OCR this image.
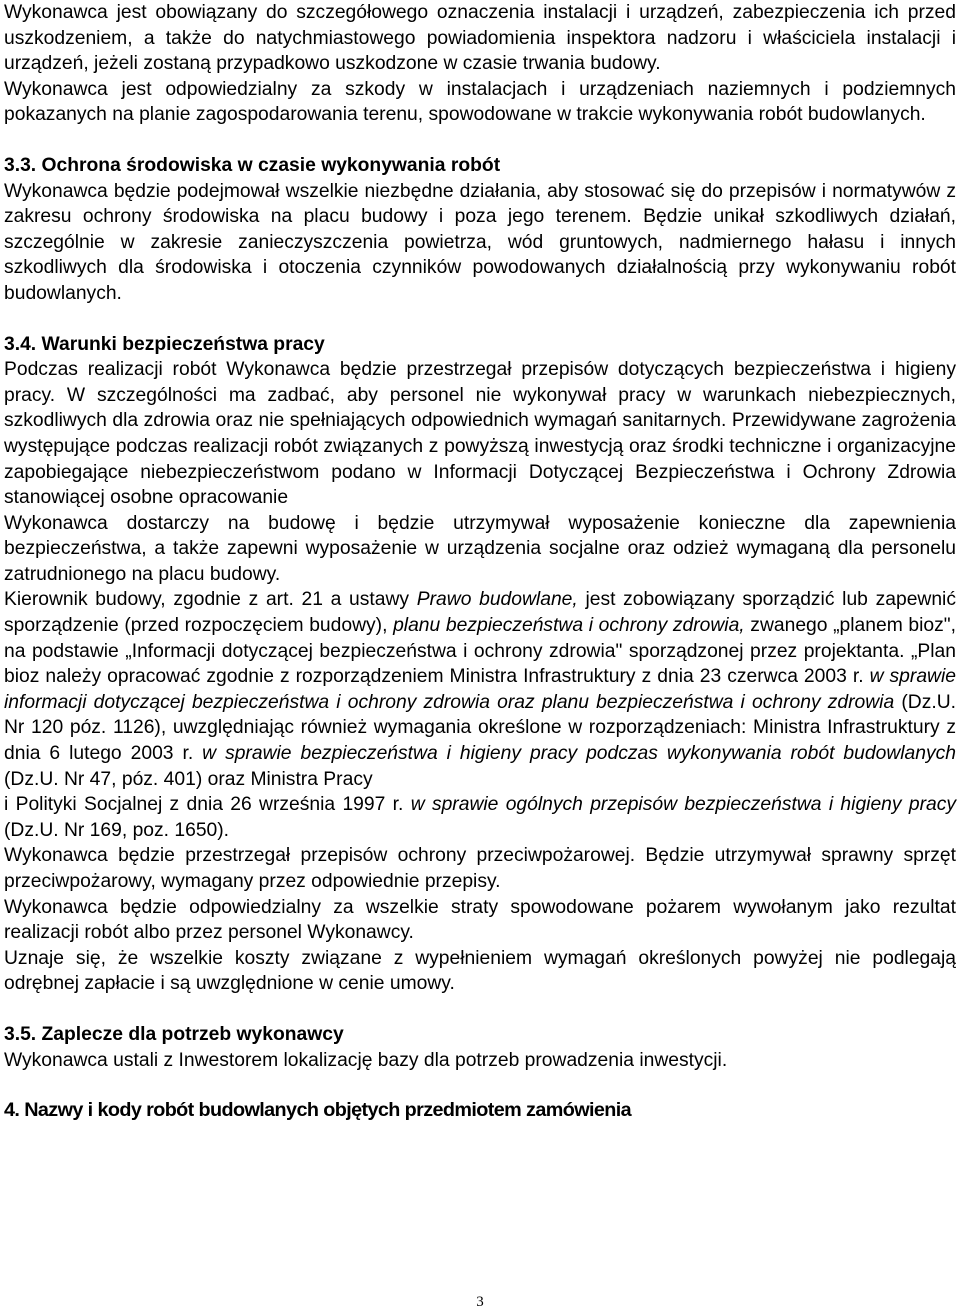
Wykonawca jest obowiązany do szczegółowego oznaczenia instalacji i urządzeń, zabezpieczenia ich przed uszkodzeniem, a także do natychmiastowego powiadomienia inspektora nadzoru i właściciela instalacji i urządzeń, jeżeli zostaną przypadkowo uszkodzone w czasie trwania budowy.

Wykonawca jest odpowiedzialny za szkody w instalacjach i urządzeniach naziemnych i podziemnych pokazanych na planie zagospodarowania terenu, spowodowane w trakcie wykonywania robót budowlanych.

3.3. Ochrona środowiska w czasie wykonywania robót

Wykonawca będzie podejmował wszelkie niezbędne działania, aby stosować się do przepisów i normatywów z zakresu ochrony środowiska na placu budowy i poza jego terenem. Będzie unikał szkodliwych działań, szczególnie w zakresie zanieczyszczenia powietrza, wód gruntowych, nadmiernego hałasu i innych szkodliwych dla środowiska i otoczenia czynników powodowanych działalnością przy wykonywaniu robót budowlanych.

3.4. Warunki bezpieczeństwa pracy

Podczas realizacji robót Wykonawca będzie przestrzegał przepisów dotyczących bezpieczeństwa i higieny pracy. W szczególności ma zadbać, aby personel nie wykonywał pracy w warunkach niebezpiecznych, szkodliwych dla zdrowia oraz nie spełniających odpowiednich wymagań sanitarnych. Przewidywane zagrożenia występujące podczas realizacji robót związanych z powyższą inwestycją oraz środki techniczne i organizacyjne zapobiegające niebezpieczeństwom podano w Informacji Dotyczącej Bezpieczeństwa i Ochrony Zdrowia stanowiącej osobne opracowanie

Wykonawca dostarczy na budowę i będzie utrzymywał wyposażenie konieczne dla zapewnienia bezpieczeństwa, a także zapewni wyposażenie w urządzenia socjalne oraz odzież wymaganą dla personelu zatrudnionego na placu budowy.

Kierownik budowy, zgodnie z art. 21 a ustawy Prawo budowlane, jest zobowiązany sporządzić lub zapewnić sporządzenie (przed rozpoczęciem budowy), planu bezpieczeństwa i ochrony zdrowia, zwanego „planem bioz", na podstawie „Informacji dotyczącej bezpieczeństwa i ochrony zdrowia" sporządzonej przez projektanta. „Plan bioz należy opracować zgodnie z rozporządzeniem Ministra Infrastruktury z dnia 23 czerwca 2003 r. w sprawie informacji dotyczącej bezpieczeństwa i ochrony zdrowia oraz planu bezpieczeństwa i ochrony zdrowia (Dz.U. Nr 120 póz. 1126), uwzględniając również wymagania określone w rozporządzeniach: Ministra Infrastruktury z dnia 6 lutego 2003 r. w sprawie bezpieczeństwa i higieny pracy podczas wykonywania robót budowlanych (Dz.U. Nr 47, póz. 401) oraz Ministra Pracy

i Polityki Socjalnej z dnia 26 września 1997 r. w sprawie ogólnych przepisów bezpieczeństwa i higieny pracy (Dz.U. Nr 169, poz. 1650).

Wykonawca będzie przestrzegał przepisów ochrony przeciwpożarowej. Będzie utrzymywał sprawny sprzęt przeciwpożarowy, wymagany przez odpowiednie przepisy.

Wykonawca będzie odpowiedzialny za wszelkie straty spowodowane pożarem wywołanym jako rezultat realizacji robót albo przez personel Wykonawcy.

Uznaje się, że wszelkie koszty związane z wypełnieniem wymagań określonych powyżej nie podlegają odrębnej zapłacie i są uwzględnione w cenie umowy.

3.5. Zaplecze dla potrzeb wykonawcy

Wykonawca ustali z Inwestorem lokalizację bazy dla potrzeb prowadzenia inwestycji.

4. Nazwy i kody robót budowlanych objętych przedmiotem zamówienia

3
